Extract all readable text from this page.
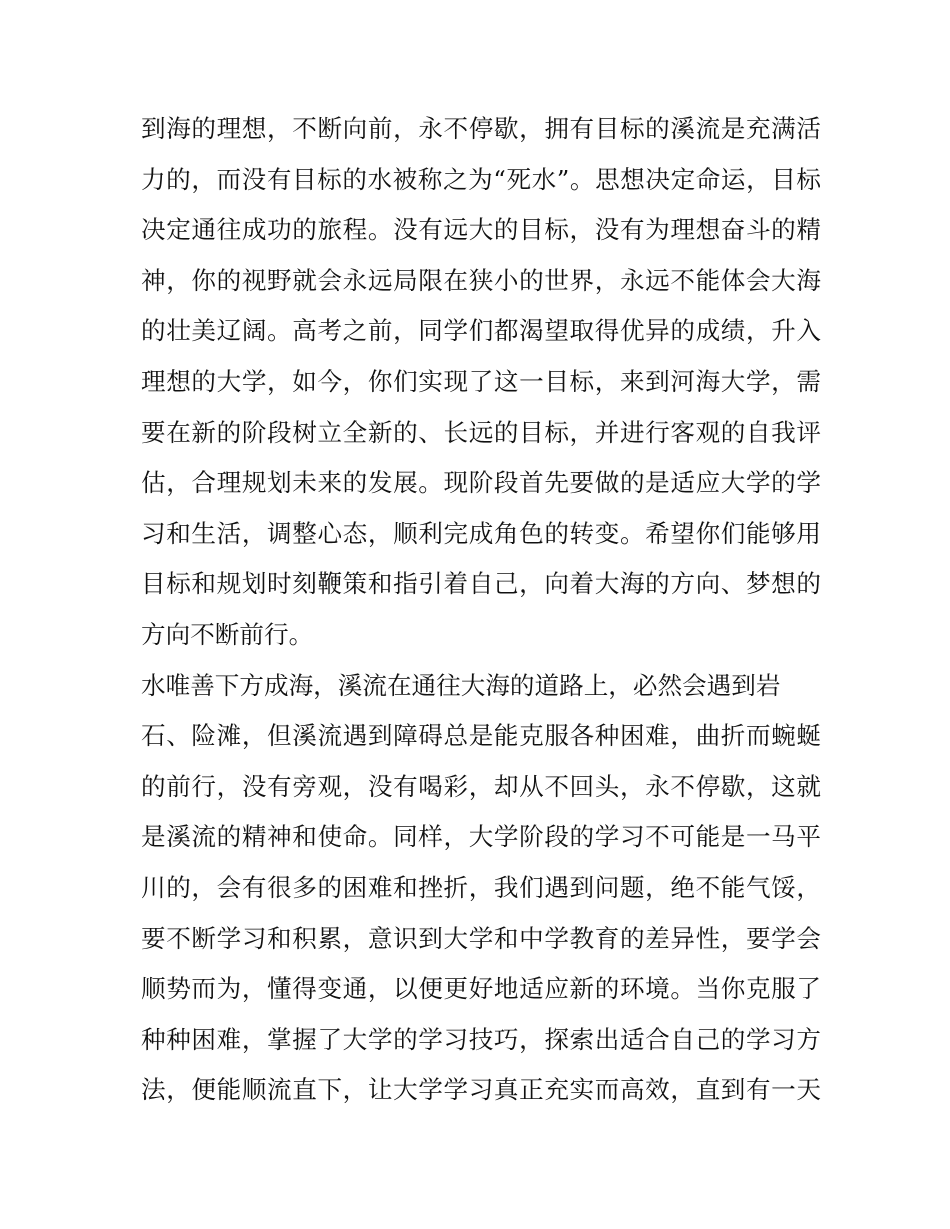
到海的理想，不断向前，永不停歇，拥有目标的溪流是充满活
力的，而没有目标的水被称之为“死水”。思想决定命运，目标
决定通往成功的旅程。没有远大的目标，没有为理想奋斗的精
神，你的视野就会永远局限在狭小的世界，永远不能体会大海
的壮美辽阔。高考之前，同学们都渴望取得优异的成绩，升入
理想的大学，如今，你们实现了这一目标，来到河海大学，需
要在新的阶段树立全新的、长远的目标，并进行客观的自我评
估，合理规划未来的发展。现阶段首先要做的是适应大学的学
习和生活，调整心态，顺利完成角色的转变。希望你们能够用
目标和规划时刻鞭策和指引着自己，向着大海的方向、梦想的
方向不断前行。
水唯善下方成海，溪流在通往大海的道路上，必然会遇到岩
石、险滩，但溪流遇到障碍总是能克服各种困难，曲折而蜿蜒
的前行，没有旁观，没有喝彩，却从不回头，永不停歇，这就
是溪流的精神和使命。同样，大学阶段的学习不可能是一马平
川的，会有很多的困难和挫折，我们遇到问题，绝不能气馁，
要不断学习和积累，意识到大学和中学教育的差异性，要学会
顺势而为，懂得变通，以便更好地适应新的环境。当你克服了
种种困难，掌握了大学的学习技巧，探索出适合自己的学习方
法，便能顺流直下，让大学学习真正充实而高效，直到有一天
